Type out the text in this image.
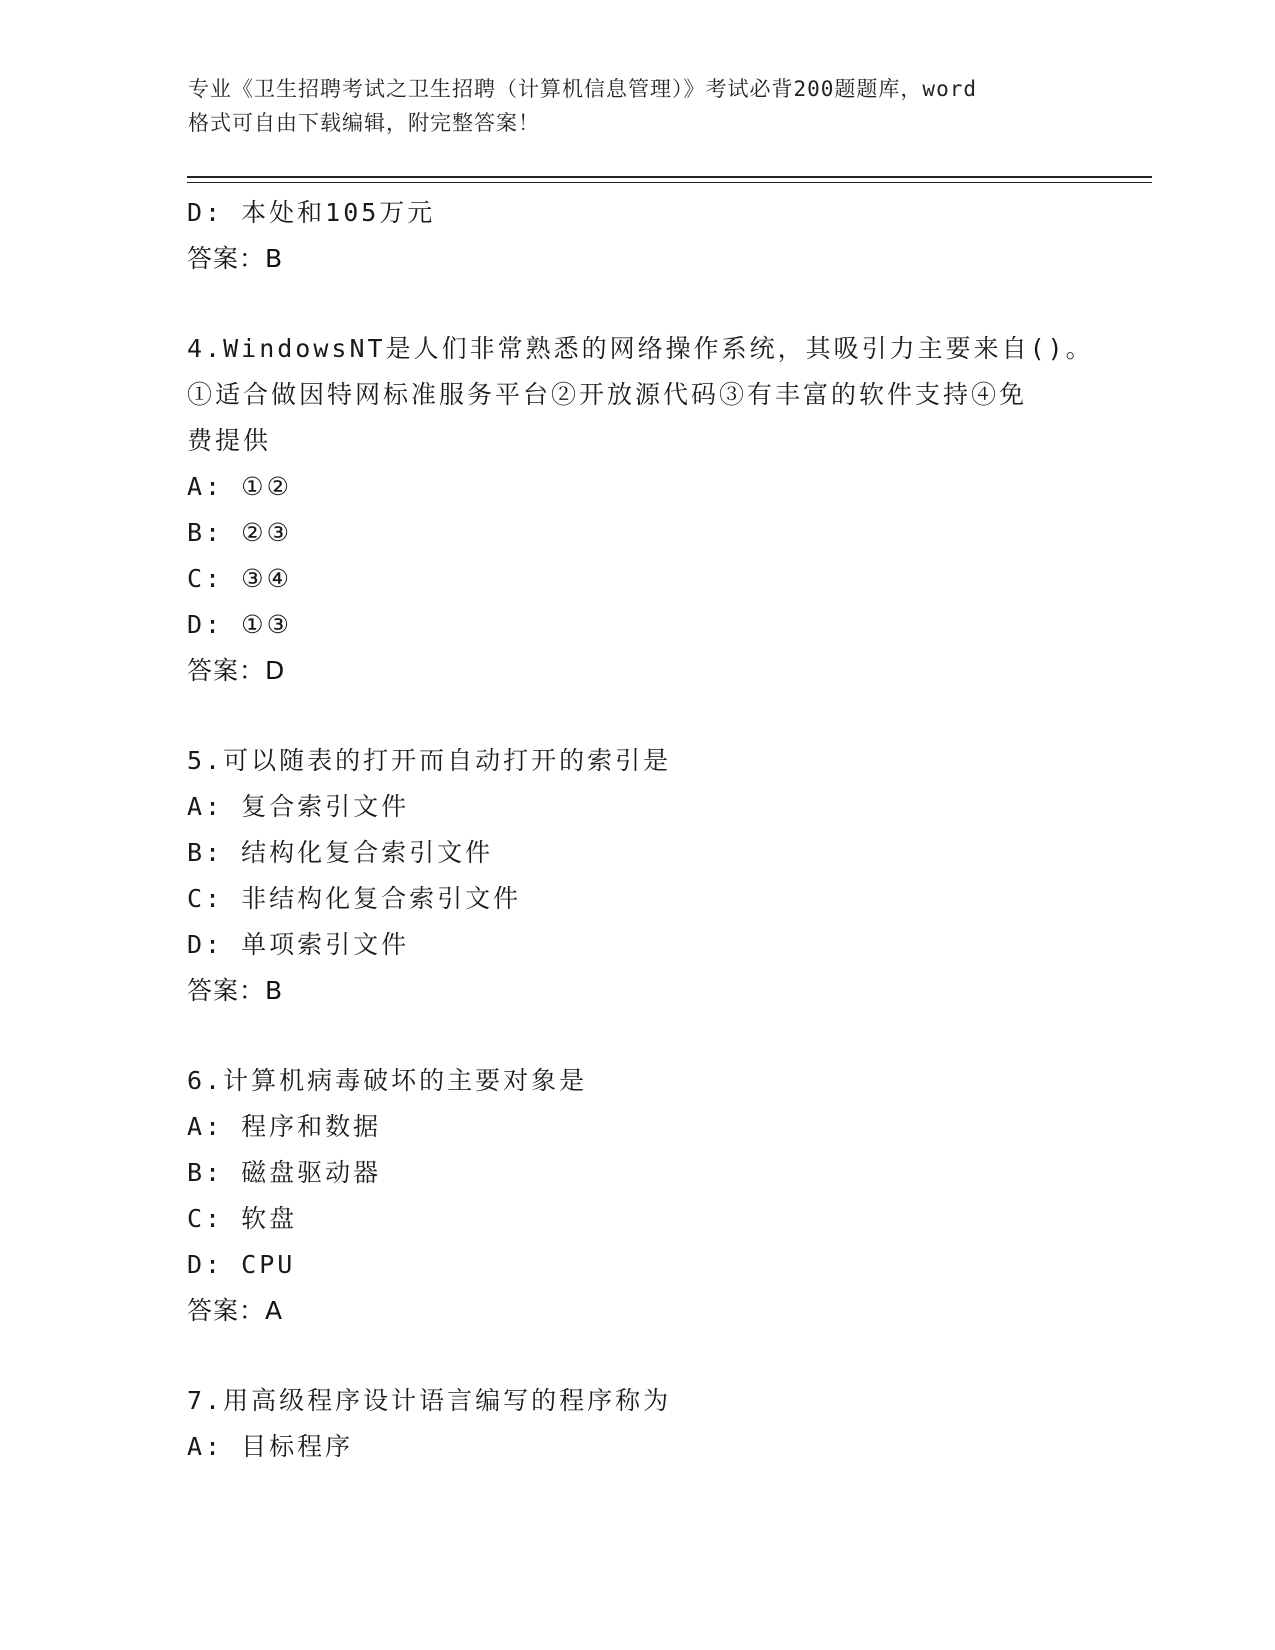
专业《卫生招聘考试之卫生招聘（计算机信息管理）》考试必背200题题库，word
格式可自由下载编辑，附完整答案！
D: 本处和105万元
答案：B
4.WindowsNT是人们非常熟悉的网络操作系统，其吸引力主要来自()。
①适合做因特网标准服务平台②开放源代码③有丰富的软件支持④免
费提供
A: ①②
B: ②③
C: ③④
D: ①③
答案：D
5.可以随表的打开而自动打开的索引是
A: 复合索引文件
B: 结构化复合索引文件
C: 非结构化复合索引文件
D: 单项索引文件
答案：B
6.计算机病毒破坏的主要对象是
A: 程序和数据
B: 磁盘驱动器
C: 软盘
D: CPU
答案：A
7.用高级程序设计语言编写的程序称为
A: 目标程序
